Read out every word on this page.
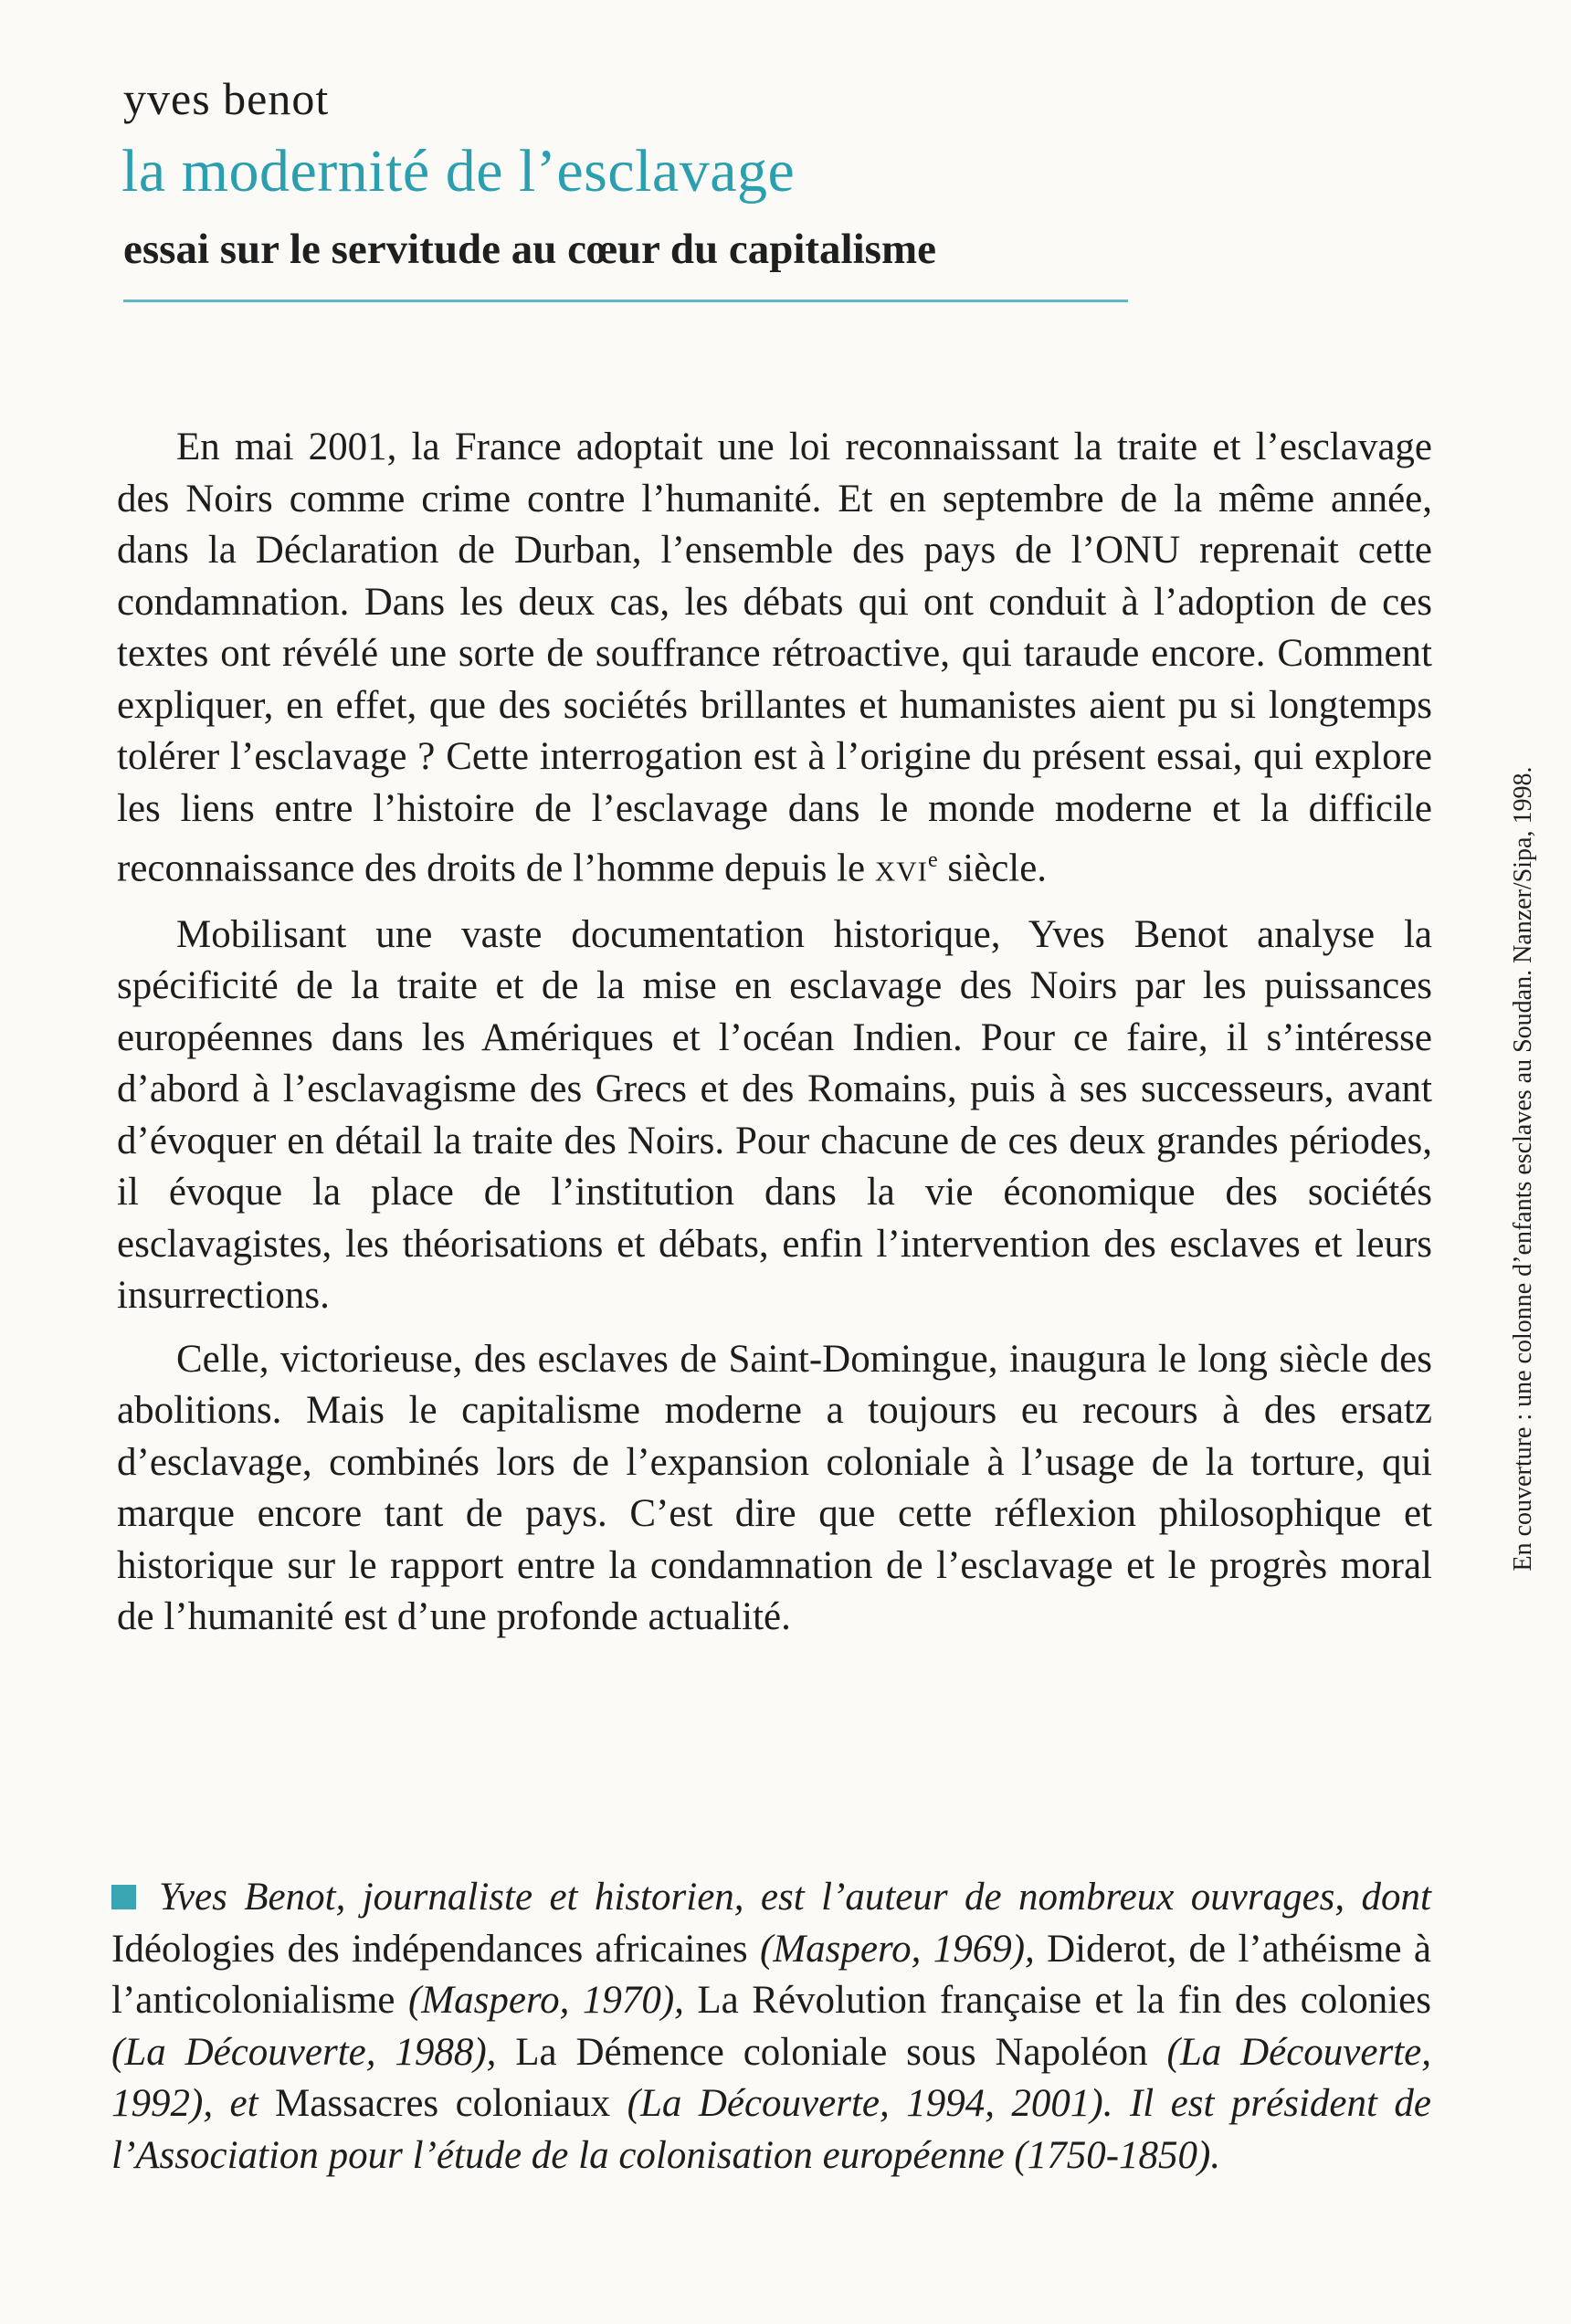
yves benot
la modernité de l’esclavage
essai sur le servitude au cœur du capitalisme

En mai 2001, la France adoptait une loi reconnaissant la traite et l’esclavage des Noirs comme crime contre l’humanité. Et en septembre de la même année, dans la Déclaration de Durban, l’ensemble des pays de l’ONU reprenait cette condamnation. Dans les deux cas, les débats qui ont conduit à l’adoption de ces textes ont révélé une sorte de souffrance rétroactive, qui taraude encore. Comment expliquer, en effet, que des sociétés brillantes et humanistes aient pu si longtemps tolérer l’esclavage ? Cette interrogation est à l’origine du présent essai, qui explore les liens entre l’histoire de l’esclavage dans le monde moderne et la difficile reconnaissance des droits de l’homme depuis le XVIe siècle.

Mobilisant une vaste documentation historique, Yves Benot analyse la spécificité de la traite et de la mise en esclavage des Noirs par les puissances européennes dans les Amériques et l’océan Indien. Pour ce faire, il s’intéresse d’abord à l’esclavagisme des Grecs et des Romains, puis à ses successeurs, avant d’évoquer en détail la traite des Noirs. Pour chacune de ces deux grandes périodes, il évoque la place de l’institution dans la vie économique des sociétés esclavagistes, les théorisations et débats, enfin l’intervention des esclaves et leurs insurrections.

Celle, victorieuse, des esclaves de Saint-Domingue, inaugura le long siècle des abolitions. Mais le capitalisme moderne a toujours eu recours à des ersatz d’esclavage, combinés lors de l’expansion coloniale à l’usage de la torture, qui marque encore tant de pays. C’est dire que cette réflexion philosophique et historique sur le rapport entre la condamnation de l’esclavage et le progrès moral de l’humanité est d’une profonde actualité.

Yves Benot, journaliste et historien, est l’auteur de nombreux ouvrages, dont Idéologies des indépendances africaines (Maspero, 1969), Diderot, de l’athéisme à l’anticolonialisme (Maspero, 1970), La Révolution française et la fin des colonies (La Découverte, 1988), La Démence coloniale sous Napoléon (La Découverte, 1992), et Massacres coloniaux (La Découverte, 1994, 2001). Il est président de l’Association pour l’étude de la colonisation européenne (1750-1850).
En couverture : une colonne d’enfants esclaves au Soudan. Nanzer/Sipa, 1998.
